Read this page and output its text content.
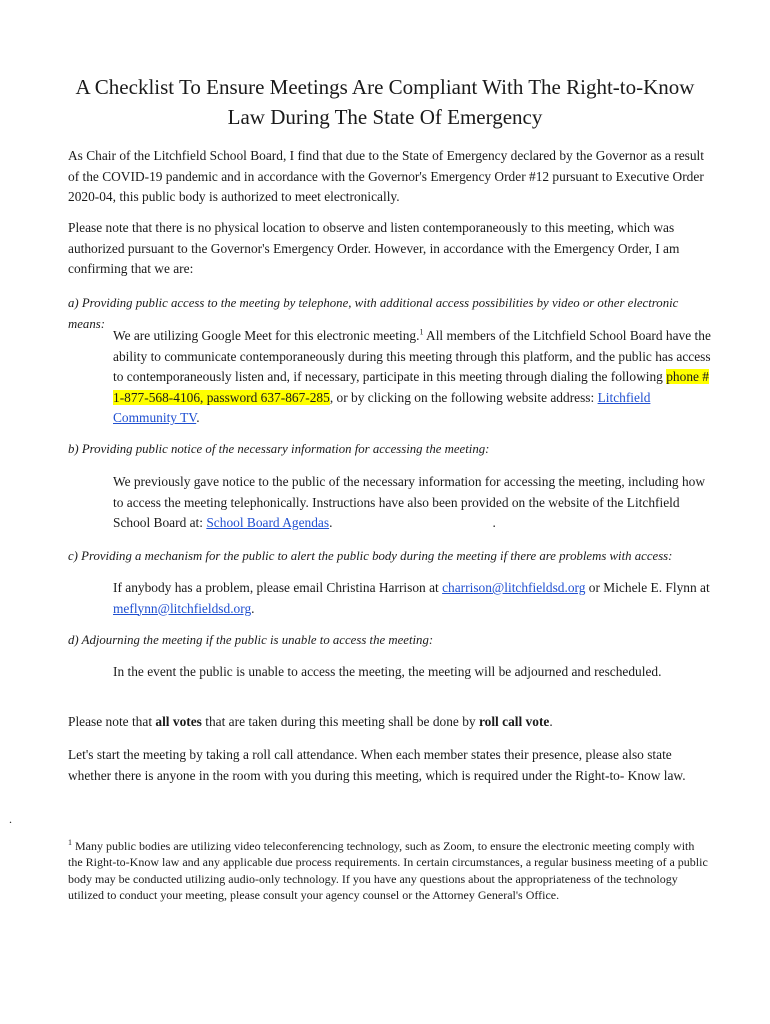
A Checklist To Ensure Meetings Are Compliant With The Right-to-Know Law During The State Of Emergency

As Chair of the Litchfield School Board, I find that due to the State of Emergency declared by the Governor as a result of the COVID-19 pandemic and in accordance with the Governor's Emergency Order #12 pursuant to Executive Order 2020-04, this public body is authorized to meet electronically.

Please note that there is no physical location to observe and listen contemporaneously to this meeting, which was authorized pursuant to the Governor's Emergency Order. However, in accordance with the Emergency Order, I am confirming that we are:

a) Providing public access to the meeting by telephone, with additional access possibilities by video or other electronic means:

We are utilizing Google Meet for this electronic meeting.$^1$ All members of the Litchfield School Board have the ability to communicate contemporaneously during this meeting through this platform, and the public has access to contemporaneously listen and, if necessary, participate in this meeting through dialing the following phone # 1-877-568-4106, password 637-867-285, or by clicking on the following website address: Litchfield Community TV.

b) Providing public notice of the necessary information for accessing the meeting:

We previously gave notice to the public of the necessary information for accessing the meeting, including how to access the meeting telephonically. Instructions have also been provided on the website of the Litchfield School Board at: School Board Agendas.	.

c) Providing a mechanism for the public to alert the public body during the meeting if there are problems with access:

If anybody has a problem, please email Christina Harrison at charrison@litchfieldsd.org or Michele E. Flynn at meflynn@litchfieldsd.org.

d) Adjourning the meeting if the public is unable to access the meeting:

In the event the public is unable to access the meeting, the meeting will be adjourned and rescheduled.

Please note that all votes that are taken during this meeting shall be done by roll call vote.

Let's start the meeting by taking a roll call attendance. When each member states their presence, please also state whether there is anyone in the room with you during this meeting, which is required under the Right-to- Know law.

.

$^1$ Many public bodies are utilizing video teleconferencing technology, such as Zoom, to ensure the electronic meeting comply with the Right-to-Know law and any applicable due process requirements. In certain circumstances, a regular business meeting of a public body may be conducted utilizing audio-only technology. If you have any questions about the appropriateness of the technology utilized to conduct your meeting, please consult your agency counsel or the Attorney General's Office.
